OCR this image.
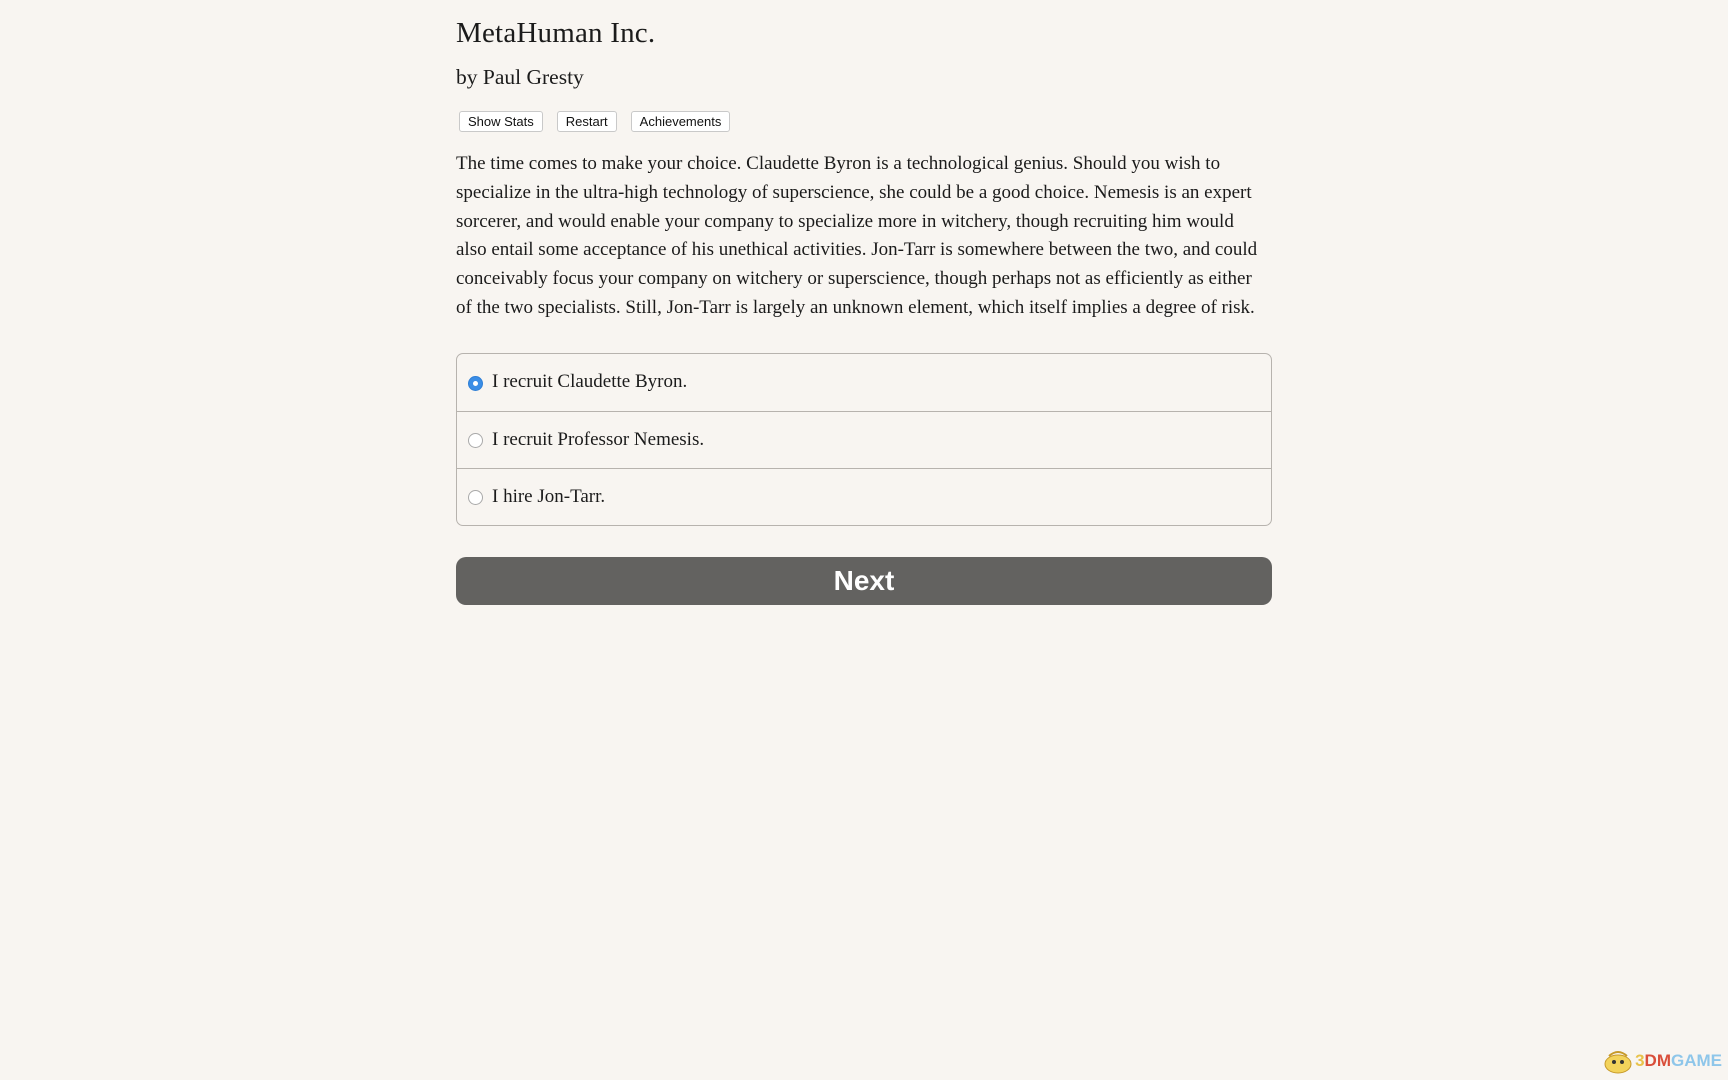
MetaHuman Inc.
by Paul Gresty
Show Stats	Restart	Achievements

The time comes to make your choice. Claudette Byron is a technological genius. Should you wish to specialize in the ultra-high technology of superscience, she could be a good choice. Nemesis is an expert sorcerer, and would enable your company to specialize more in witchery, though recruiting him would also entail some acceptance of his unethical activities. Jon-Tarr is somewhere between the two, and could conceivably focus your company on witchery or superscience, though perhaps not as efficiently as either of the two specialists. Still, Jon-Tarr is largely an unknown element, which itself implies a degree of risk.

I recruit Claudette Byron.
I recruit Professor Nemesis.
I hire Jon-Tarr.
Next
3DMGAME
